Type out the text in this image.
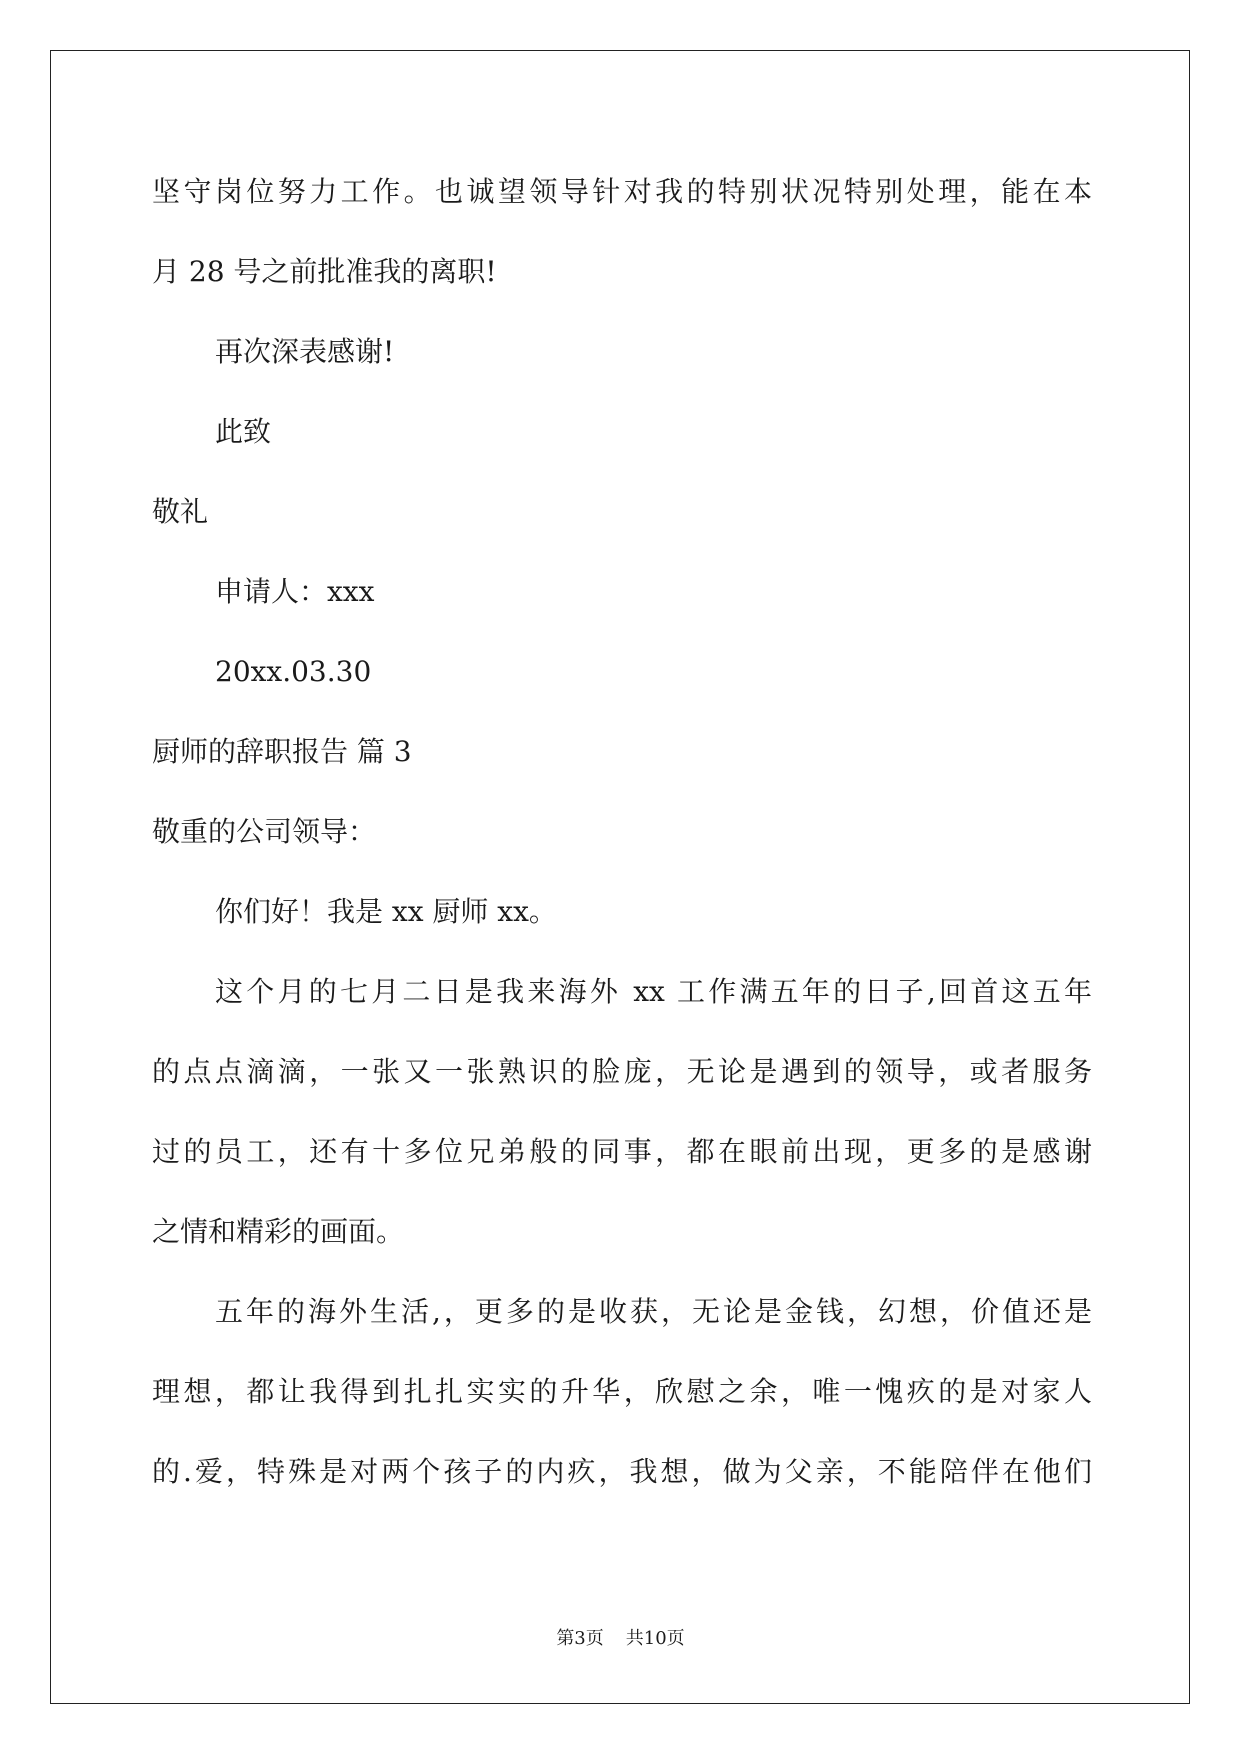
坚守岗位努力工作。也诚望领导针对我的特别状况特别处理，能在本
月 28 号之前批准我的离职!
再次深表感谢!
此致
敬礼
申请人：xxx
20xx.03.30
厨师的辞职报告 篇 3
敬重的公司领导：
你们好！我是 xx 厨师 xx。
这个月的七月二日是我来海外 xx 工作满五年的日子,回首这五年
的点点滴滴，一张又一张熟识的脸庞，无论是遇到的领导，或者服务
过的员工，还有十多位兄弟般的同事，都在眼前出现，更多的是感谢
之情和精彩的画面。
五年的海外生活,，更多的是收获，无论是金钱，幻想，价值还是
理想，都让我得到扎扎实实的升华，欣慰之余，唯一愧疚的是对家人
的.爱，特殊是对两个孩子的内疚，我想，做为父亲，不能陪伴在他们
第3页 共10页
